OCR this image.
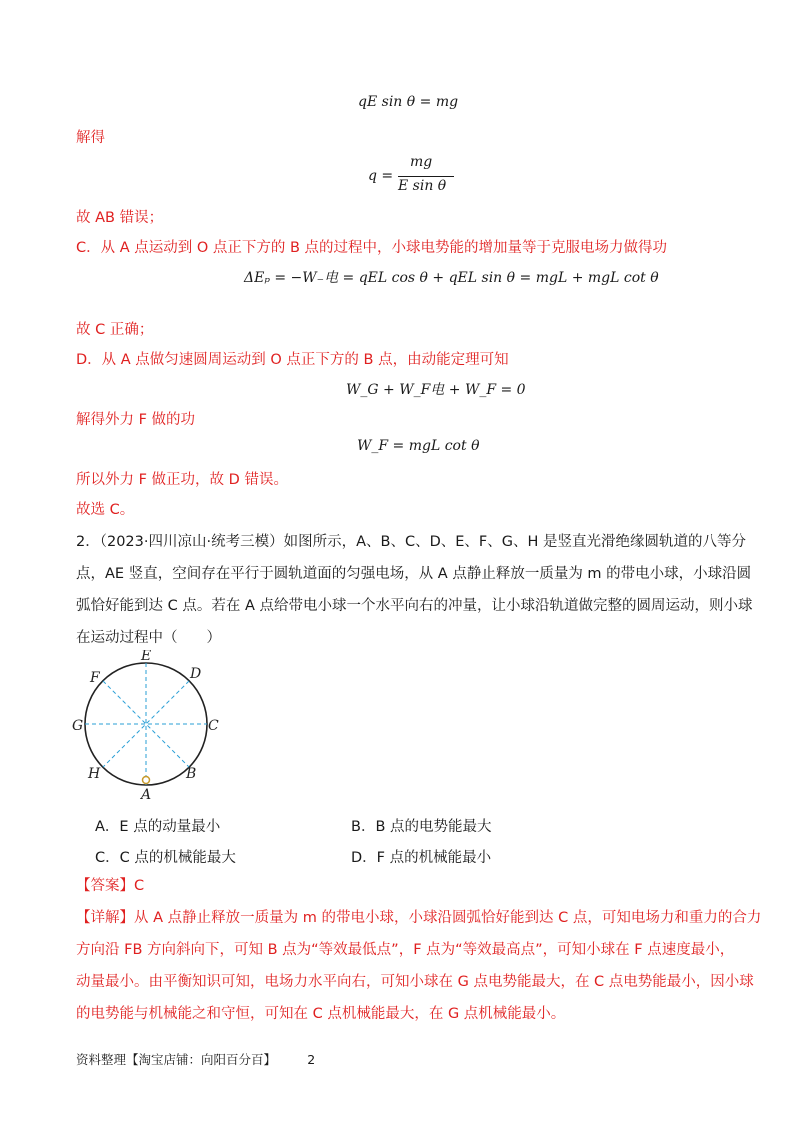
qE sin θ = mg
解得
q =
mg
E sin θ
故 AB 错误；
C．从 A 点运动到 O 点正下方的 B 点的过程中，小球电势能的增加量等于克服电场力做得功
ΔEₚ = −W₋电 = qEL cos θ + qEL sin θ = mgL + mgL cot θ
故 C 正确；
D．从 A 点做匀速圆周运动到 O 点正下方的 B 点，由动能定理可知
W_G + W_F电 + W_F = 0
解得外力 F 做的功
W_F = mgL cot θ
所以外力 F 做正功，故 D 错误。
故选 C。
2．（2023·四川凉山·统考三模）如图所示，A、B、C、D、E、F、G、H 是竖直光滑绝缘圆轨道的八等分
点，AE 竖直，空间存在平行于圆轨道面的匀强电场，从 A 点静止释放一质量为 m 的带电小球，小球沿圆
弧恰好能到达 C 点。若在 A 点给带电小球一个水平向右的冲量，让小球沿轨道做完整的圆周运动，则小球
在运动过程中（　　）
E
D
C
B
A
H
G
F
A．E 点的动量最小	B．B 点的电势能最大
C．C 点的机械能最大	D．F 点的机械能最小
【答案】C
【详解】从 A 点静止释放一质量为 m 的带电小球，小球沿圆弧恰好能到达 C 点，可知电场力和重力的合力
方向沿 FB 方向斜向下，可知 B 点为“等效最低点”，F 点为“等效最高点”，可知小球在 F 点速度最小，
动量最小。由平衡知识可知，电场力水平向右，可知小球在 G 点电势能最大，在 C 点电势能最小，因小球
的电势能与机械能之和守恒，可知在 C 点机械能最大，在 G 点机械能最小。
资料整理【淘宝店铺：向阳百分百】　　　2
